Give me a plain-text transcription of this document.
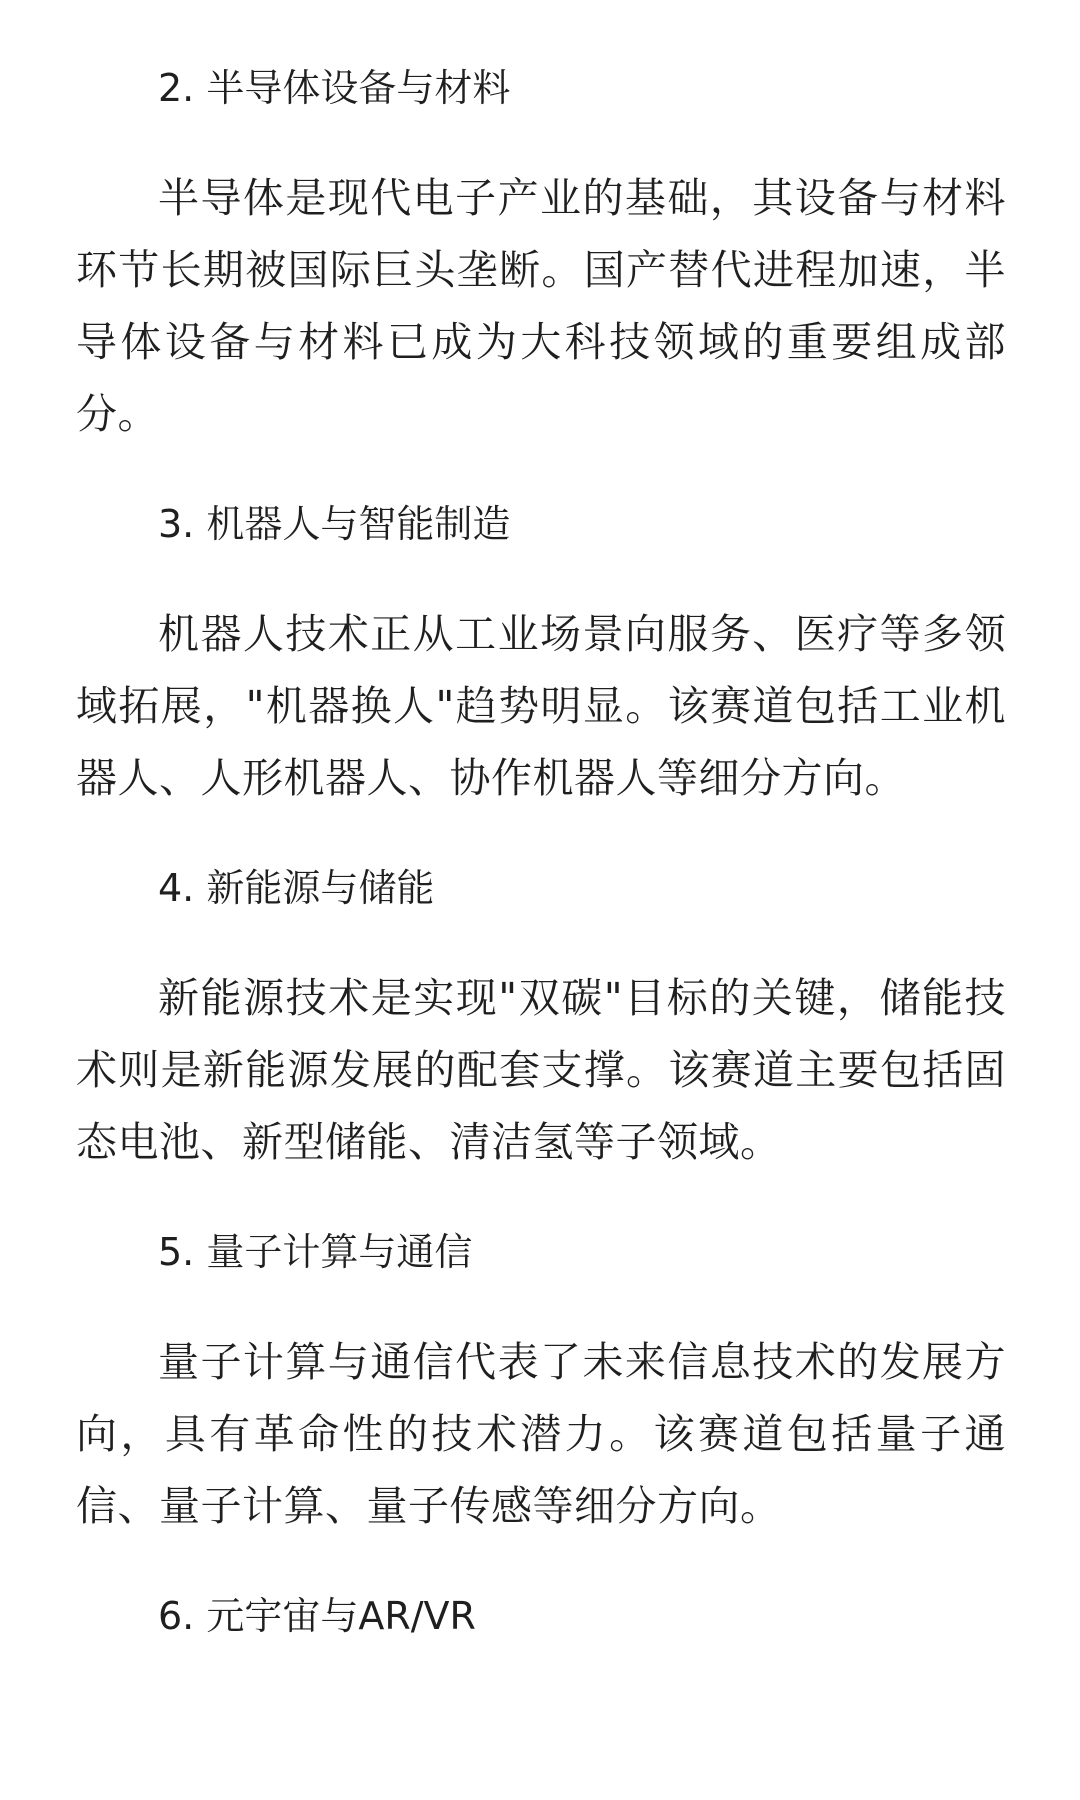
2. 半导体设备与材料

半导体是现代电子产业的基础，其设备与材料环节长期被国际巨头垄断。国产替代进程加速，半导体设备与材料已成为大科技领域的重要组成部分。

3. 机器人与智能制造

机器人技术正从工业场景向服务、医疗等多领域拓展，"机器换人"趋势明显。该赛道包括工业机器人、人形机器人、协作机器人等细分方向。

4. 新能源与储能

新能源技术是实现"双碳"目标的关键，储能技术则是新能源发展的配套支撑。该赛道主要包括固态电池、新型储能、清洁氢等子领域。

5. 量子计算与通信

量子计算与通信代表了未来信息技术的发展方向，具有革命性的技术潜力。该赛道包括量子通信、量子计算、量子传感等细分方向。

6. 元宇宙与AR/VR
